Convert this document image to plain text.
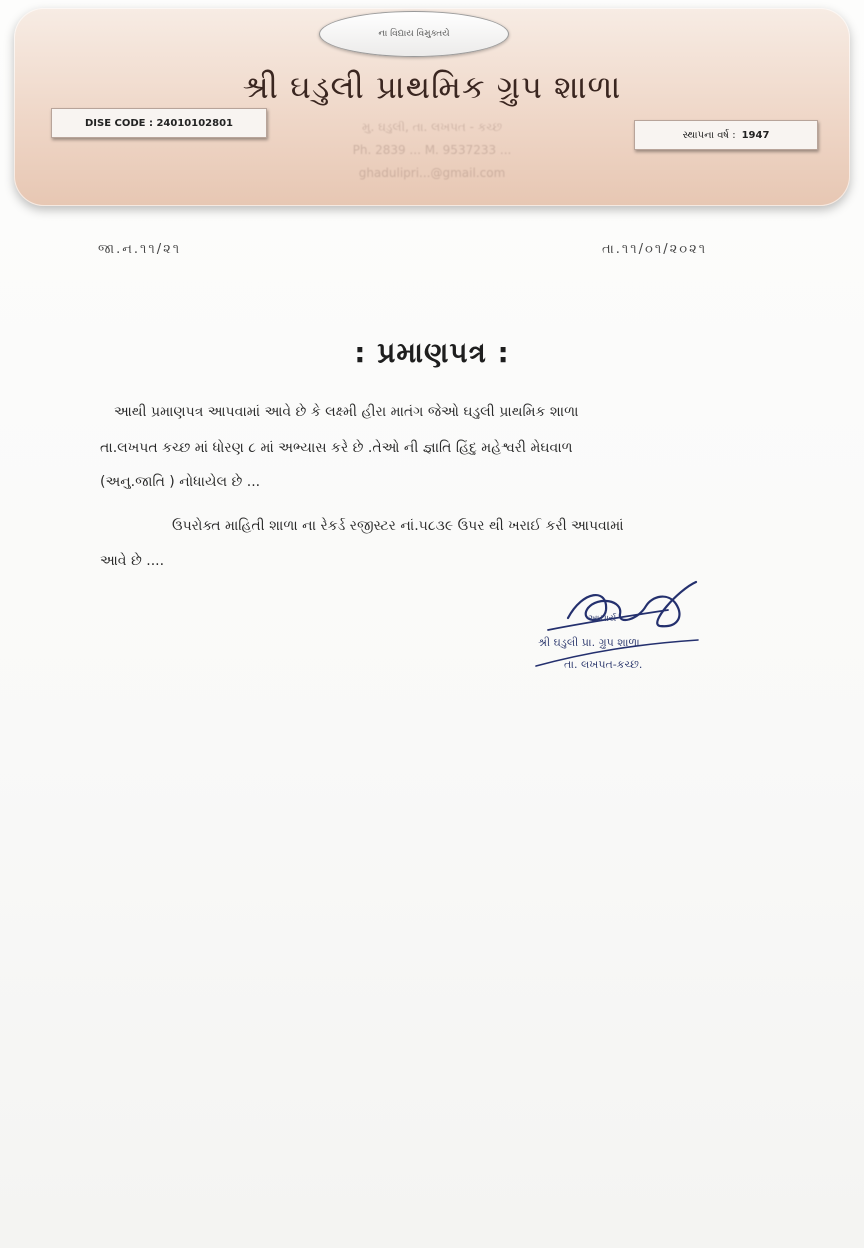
ના વિદ્યાય વિમુક્તયે
શ્રી ઘડુલી પ્રાથમિક ગ્રુપ શાળા
DISE CODE : 24010102801
સ્થાપના વર્ષ : 1947
મુ. ઘડુલી, તા. લખપત - કચ્છ
Ph. 2839 ... M. 9537233 ...
ghadulipri...@gmail.com
જા.ન.૧૧/૨૧	તા.૧૧/૦૧/૨૦૨૧
: પ્રમાણપત્ર :
આથી પ્રમાણપત્ર આપવામાં આવે છે કે લક્ષ્મી હીરા માતંગ જેઓ ઘડુલી પ્રાથમિક શાળા
તા.લખપત કચ્છ માં ધોરણ ૮ માં અભ્યાસ કરે છે .તેઓ ની જ્ઞાતિ હિંદુ મહેશ્વરી મેઘવાળ
(અનુ.જાતિ ) નોધાયેલ છે ...
ઉપરોક્ત માહિતી શાળા ના રેકર્ડ રજીસ્ટર નાં.૫૮૩૯ ઉપર થી ખરાઈ કરી આપવામાં
આવે છે ....
આચાર્ય
શ્રી ઘડુલી પ્રા. ગ્રુપ શાળા
તા. લખપત-કચ્છ.
